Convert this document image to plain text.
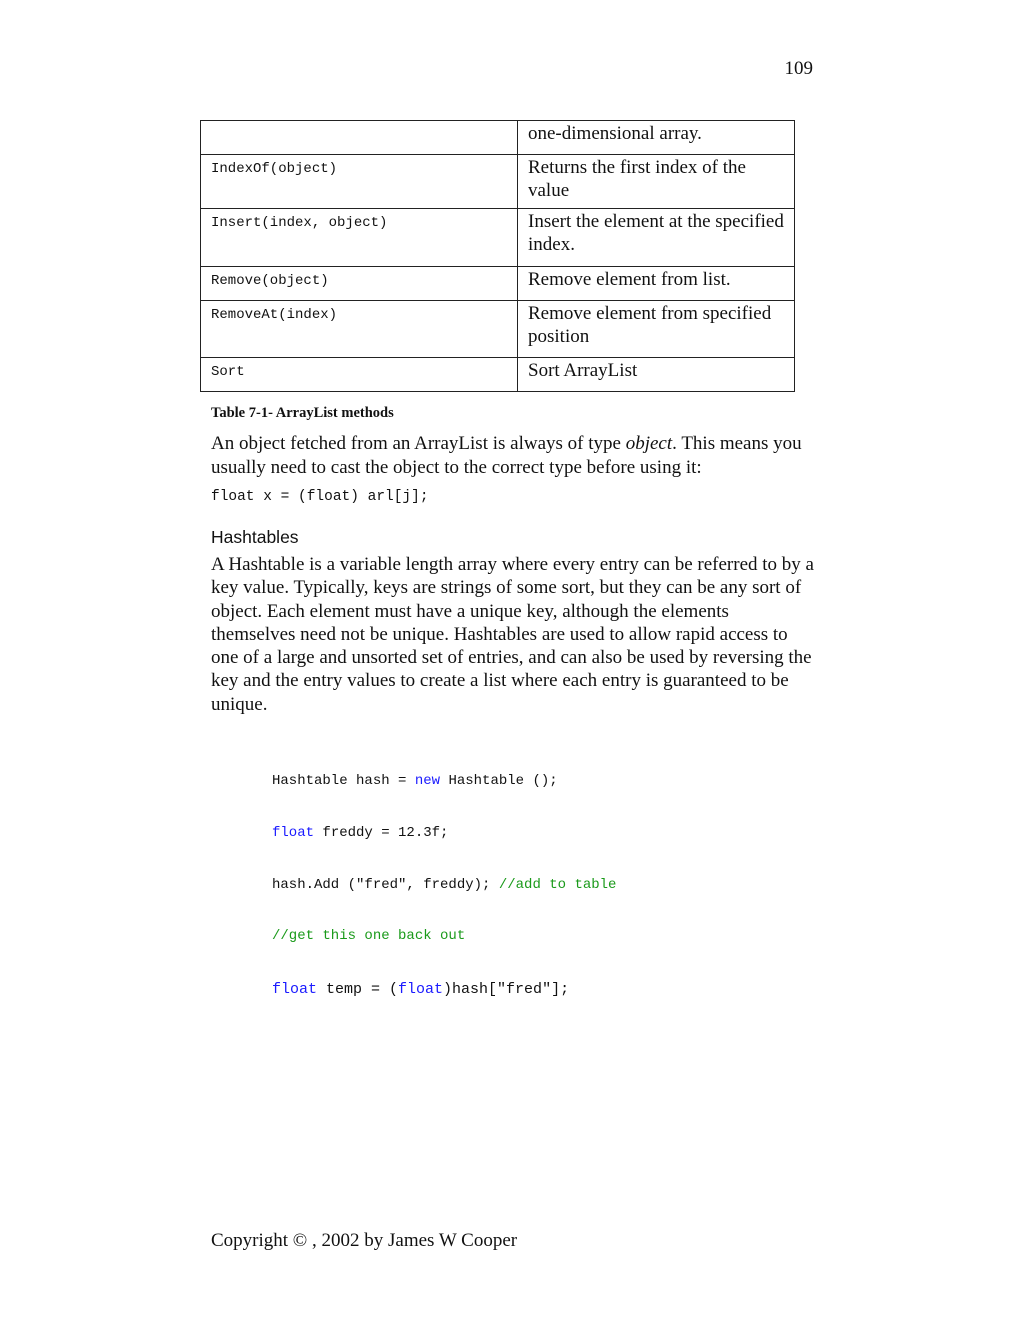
109
	one-dimensional array.
IndexOf(object)	Returns the first index of the value
Insert(index, object)	Insert the element at the specified index.
Remove(object)	Remove element from list.
RemoveAt(index)	Remove element from specified position
Sort	Sort ArrayList
Table 7-1- ArrayList methods
An object fetched from an ArrayList is always of type object. This means you usually need to cast the object to the correct type before using it:
float x = (float) arl[j];
Hashtables
A Hashtable is a variable length array where every entry can be referred to by a key value. Typically, keys are strings of some sort, but they can be any sort of object. Each element must have a unique key, although the elements themselves need not be unique. Hashtables are used to allow rapid access to one of a large and unsorted set of entries, and can also be used by reversing the key and the entry values to create a list where each entry is guaranteed to be unique.

Hashtable hash = new Hashtable ();

float freddy = 12.3f;

hash.Add ("fred", freddy); //add to table

//get this one back out

float temp = (float)hash["fred"];

Copyright © , 2002 by James W Cooper
